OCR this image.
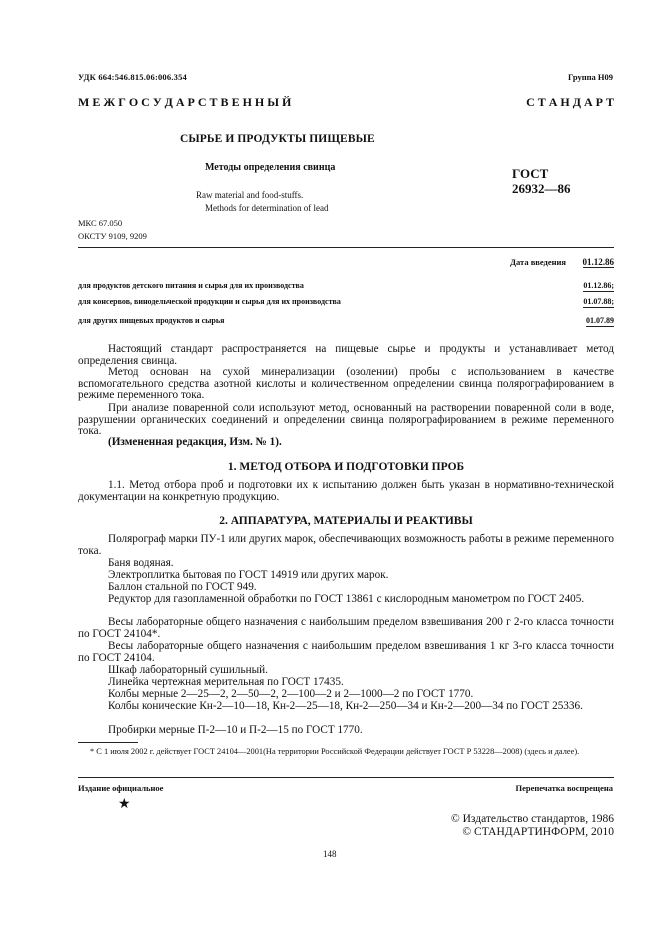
УДК 664:546.815.06:006.354	Группа Н09
М Е Ж Г О С У Д А Р С Т В Е Н Н Ы Й	С Т А Н Д А Р Т
СЫРЬЕ И ПРОДУКТЫ ПИЩЕВЫЕ
Методы определения свинца
Raw material and food-stuffs.
Methods for determination of lead
ГОСТ
26932—86
МКС 67.050
ОКСТУ 9109, 9209
Дата введения 01.12.86
для продуктов детского питания и сырья для их производства	01.12.86;
для консервов, винодельческой продукции и сырья для их производства	01.07.88;
для других пищевых продуктов и сырья	01.07.89

Настоящий стандарт распространяется на пищевые сырье и продукты и устанавливает метод определения свинца.

Метод основан на сухой минерализации (озолении) пробы с использованием в качестве вспомогательного средства азотной кислоты и количественном определении свинца полярографированием в режиме переменного тока.

При анализе поваренной соли используют метод, основанный на растворении поваренной соли в воде, разрушении органических соединений и определении свинца полярографированием в режиме переменного тока.

(Измененная редакция, Изм. № 1).

1. МЕТОД ОТБОРА И ПОДГОТОВКИ ПРОБ

1.1. Метод отбора проб и подготовки их к испытанию должен быть указан в нормативно-технической документации на конкретную продукцию.

2. АППАРАТУРА, МАТЕРИАЛЫ И РЕАКТИВЫ

Полярограф марки ПУ-1 или других марок, обеспечивающих возможность работы в режиме переменного тока.

Баня водяная.

Электроплитка бытовая по ГОСТ 14919 или других марок.

Баллон стальной по ГОСТ 949.

Редуктор для газопламенной обработки по ГОСТ 13861 с кислородным манометром по ГОСТ 2405.

Весы лабораторные общего назначения с наибольшим пределом взвешивания 200 г 2-го класса точности по ГОСТ 24104*.

Весы лабораторные общего назначения с наибольшим пределом взвешивания 1 кг 3-го класса точности по ГОСТ 24104.

Шкаф лабораторный сушильный.

Линейка чертежная мерительная по ГОСТ 17435.

Колбы мерные 2—25—2, 2—50—2, 2—100—2 и 2—1000—2 по ГОСТ 1770.

Колбы конические Кн-2—10—18, Кн-2—25—18, Кн-2—250—34 и Кн-2—200—34 по ГОСТ 25336.

Пробирки мерные П-2—10 и П-2—15 по ГОСТ 1770.

* С 1 июля 2002 г. действует ГОСТ 24104—2001(На территории Российской Федерации действует ГОСТ Р 53228—2008) (здесь и далее).
Издание официальное	Перепечатка воспрещена
★
© Издательство стандартов, 1986
© СТАНДАРТИНФОРМ, 2010
148
